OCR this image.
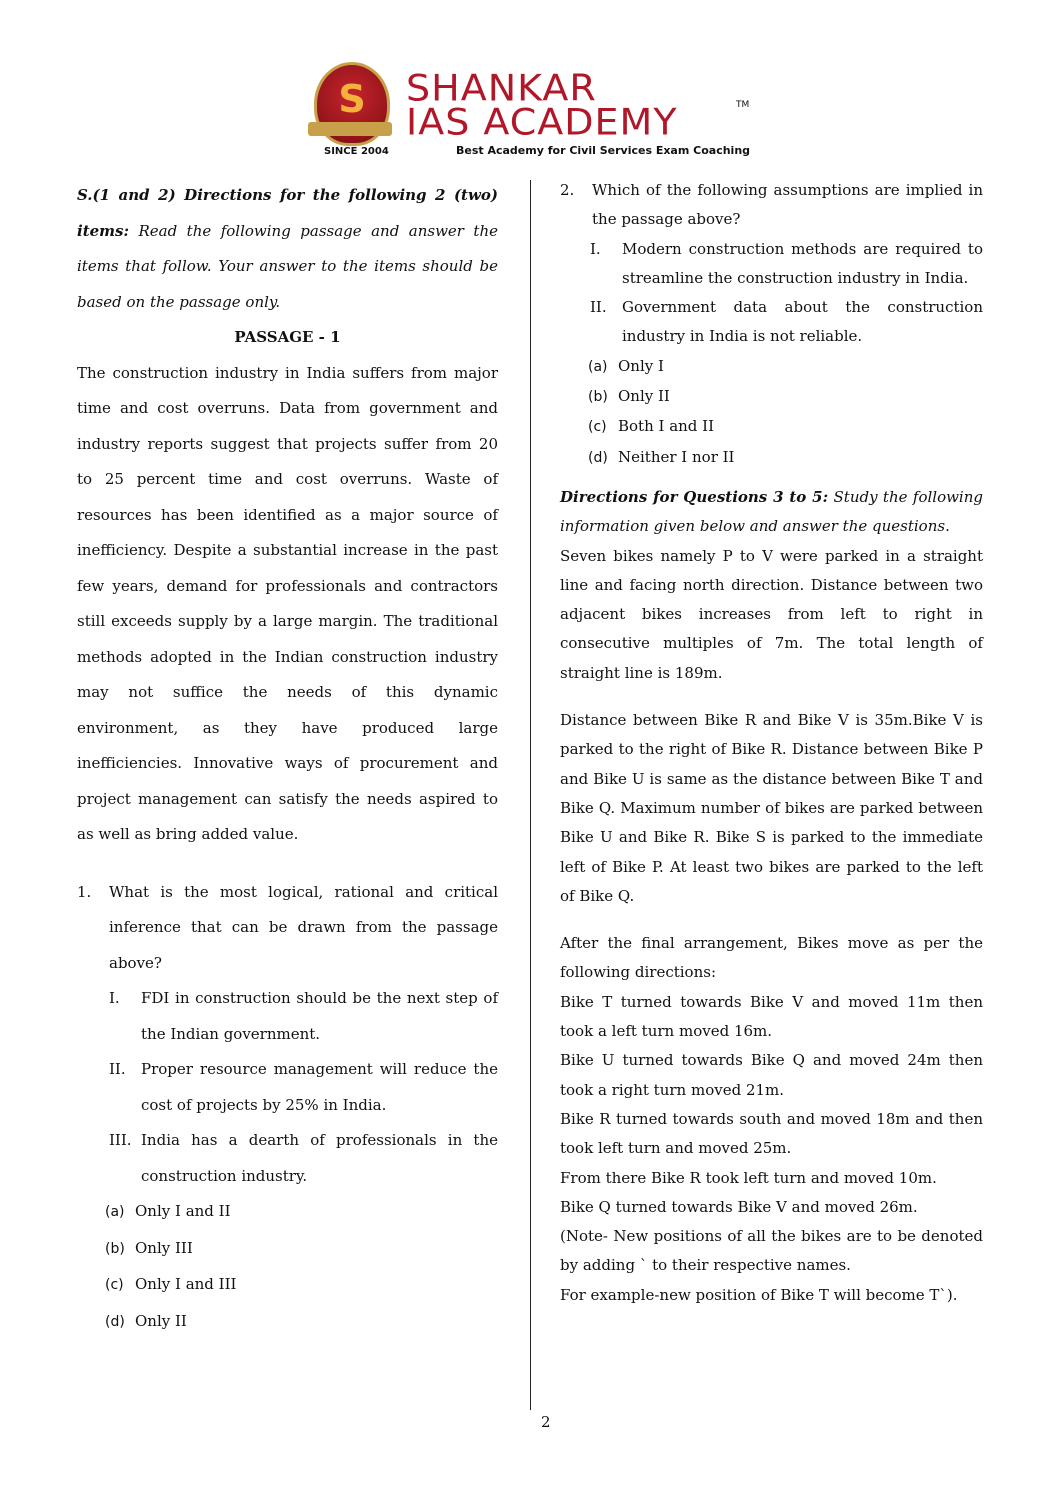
S
SINCE 2004
SHANKAR
IAS ACADEMY	TM
Best Academy for Civil Services Exam Coaching

S.(1 and 2) Directions for the following 2 (two) items: Read the following passage and answer the items that follow. Your answer to the items should be based on the passage only.

PASSAGE - 1

The construction industry in India suffers from major time and cost overruns. Data from government and industry reports suggest that projects suffer from 20 to 25 percent time and cost overruns. Waste of resources has been identified as a major source of inefficiency. Despite a substantial increase in the past few years, demand for professionals and contractors still exceeds supply by a large margin. The traditional methods adopted in the Indian construction industry may not suffice the needs of this dynamic environment, as they have produced large inefficiencies. Innovative ways of procurement and project management can satisfy the needs aspired to as well as bring added value.

1.	What is the most logical, rational and critical inference that can be drawn from the passage above?
I.	FDI in construction should be the next step of the Indian government.
II.	Proper resource management will reduce the cost of projects by 25% in India.
III. India has a dearth of professionals in the construction industry.
(a) Only I and II
(b) Only III
(c) Only I and III
(d) Only II
2.	Which of the following assumptions are implied in the passage above?
I.	Modern construction methods are required to streamline the construction industry in India.
II.	Government data about the construction industry in India is not reliable.
(a) Only I
(b) Only II
(c) Both I and II
(d) Neither I nor II

Directions for Questions 3 to 5: Study the following information given below and answer the questions.

Seven bikes namely P to V were parked in a straight line and facing north direction. Distance between two adjacent bikes increases from left to right in consecutive multiples of 7m. The total length of straight line is 189m.

Distance between Bike R and Bike V is 35m.Bike V is parked to the right of Bike R. Distance between Bike P and Bike U is same as the distance between Bike T and Bike Q. Maximum number of bikes are parked between Bike U and Bike R. Bike S is parked to the immediate left of Bike P. At least two bikes are parked to the left of Bike Q.

After the final arrangement, Bikes move as per the following directions:

Bike T turned towards Bike V and moved 11m then took a left turn moved 16m.

Bike U turned towards Bike Q and moved 24m then took a right turn moved 21m.

Bike R turned towards south and moved 18m and then took left turn and moved 25m.

From there Bike R took left turn and moved 10m.

Bike Q turned towards Bike V and moved 26m.

(Note- New positions of all the bikes are to be denoted by adding ` to their respective names.

For example-new position of Bike T will become T`).

2
